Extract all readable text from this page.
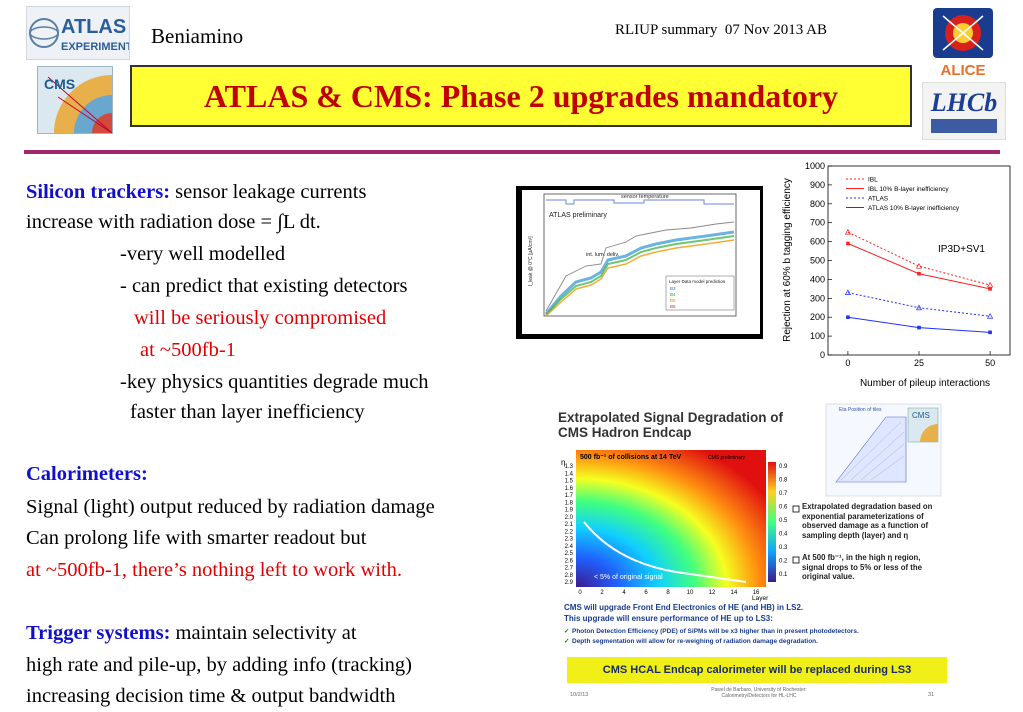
ATLAS
EXPERIMENT
CMS
Beniamino	RLIUP summary  07 Nov 2013 AB
ATLAS & CMS: Phase 2 upgrades mandatory
ALICE
LHCb
Silicon trackers: sensor leakage currents
increase with radiation dose = ∫L dt.
-very well modelled
- can predict that existing detectors
will be seriously compromised
at ~500fb-1
-key physics quantities degrade much
faster than layer inefficiency
Calorimeters:
Signal (light) output reduced by radiation damage
Can prolong life with smarter readout but
at ~500fb-1, there’s nothing left to work with.
Trigger systems: maintain selectivity at
high rate and pile-up, by adding info (tracking)
increasing decision time & output bandwidth
sensor temperature
ATLAS preliminary
int. lum. deliv.
I_leak @ 0°C [μA/cm³]	Layer Data model prediction
B3
B4
B5
B6
0
100
200
300
400
500
600
700
800
900
1000
0	25	50
IBL
IBL 10% B-layer inefficiency
ATLAS
ATLAS 10% B-layer inefficiency
IP3D+SV1
Rejection at 60% b tagging efficiency
Number of pileup interactions
Extrapolated Signal Degradation of
CMS Hadron Endcap
500 fb⁻¹ of collisions at 14 TeV	CMS preliminary
< 5% of original signal
η 1.3
1.4
1.5
1.6
1.7
1.8
1.9
2.0
2.1
2.2
2.3
2.4
2.5
2.6
2.7
2.8
2.9
0	2	4	6	8	10	12	14	16
Layer
0.9
0.8
0.7
0.6
0.5
0.4
0.3
0.2
0.1
Eta Position of tiles
CMS
Extrapolated degradation based on exponential parameterizations of observed damage as a function of sampling depth (layer) and η
At 500 fb⁻¹, in the high η region, signal drops to 5% or less of the original value.
CMS will upgrade Front End Electronics of HE (and HB) in LS2.
This upgrade will ensure performance of HE up to LS3:
✓ Photon Detection Efficiency (PDE) of SiPMs will be x3 higher than in present photodetectors.
✓ Depth segmentation will allow for re-weighing of radiation damage degradation.
10/2/13
Pawel de Barbaro, University of Rochester: Calorimetry/Detectors for HL-LHC	31
CMS HCAL Endcap calorimeter will be replaced during LS3
